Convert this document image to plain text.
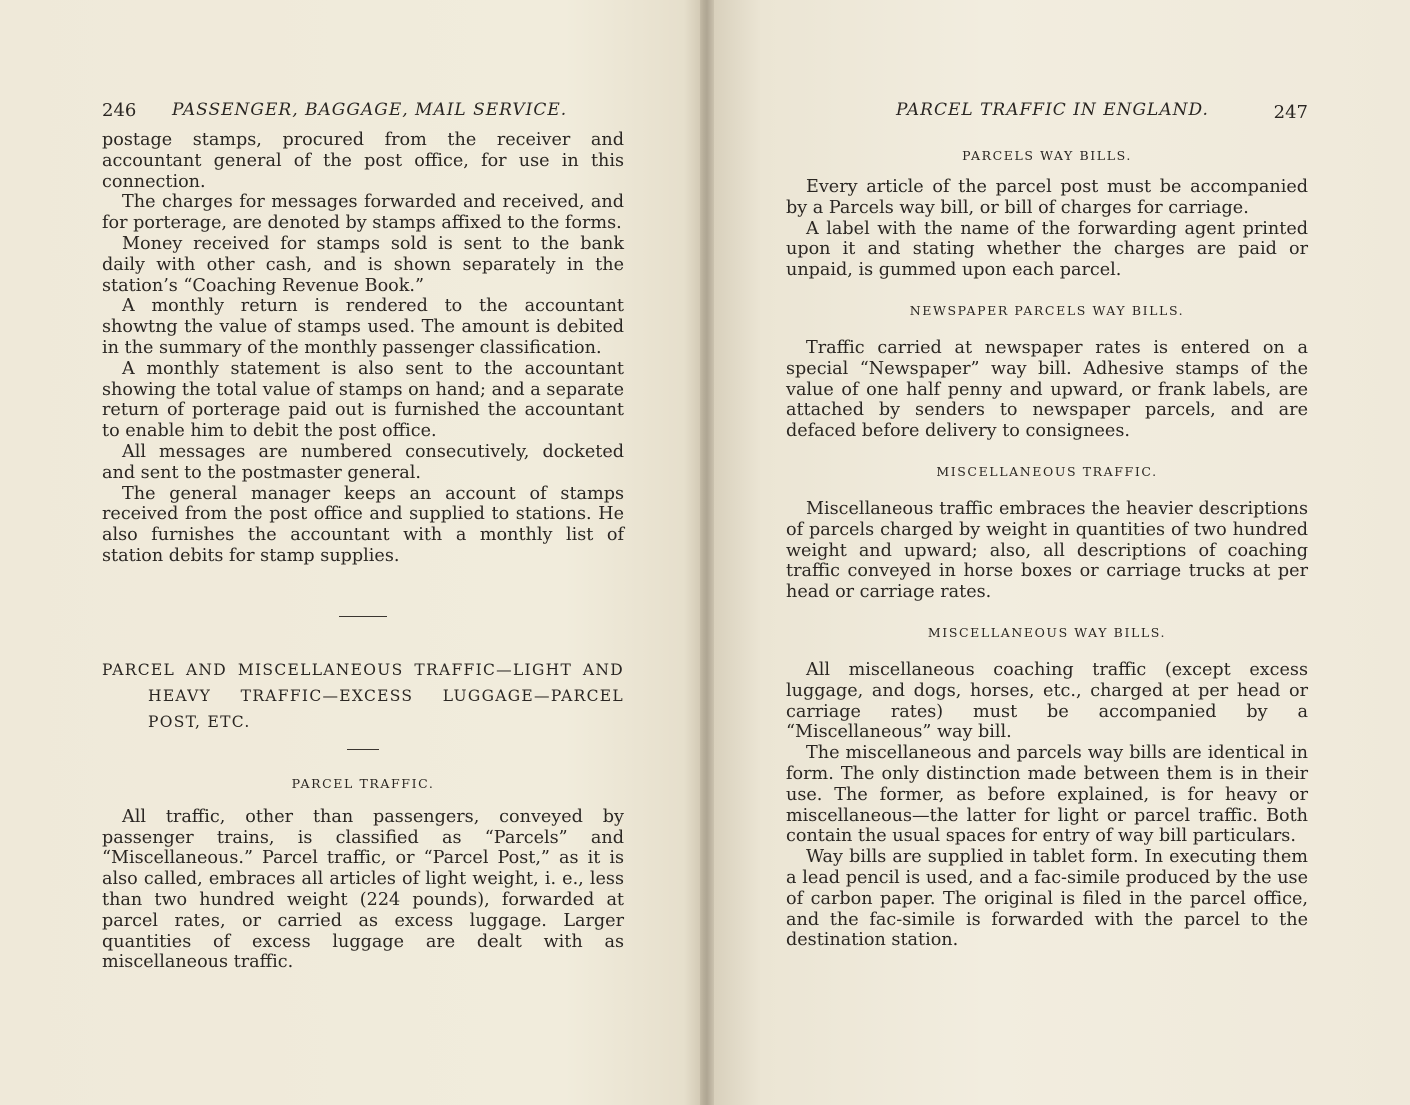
246 PASSENGER, BAGGAGE, MAIL SERVICE.

postage stamps, procured from the receiver and accountant general of the post office, for use in this connection.

The charges for messages forwarded and received, and for porterage, are denoted by stamps affixed to the forms.

Money received for stamps sold is sent to the bank daily with other cash, and is shown separately in the station’s “Coaching Revenue Book.”

A monthly return is rendered to the accountant showtng the value of stamps used. The amount is debited in the summary of the monthly passenger classification.

A monthly statement is also sent to the accountant showing the total value of stamps on hand; and a separate return of porterage paid out is furnished the accountant to enable him to debit the post office.

All messages are numbered consecutively, docketed and sent to the postmaster general.

The general manager keeps an account of stamps received from the post office and supplied to stations. He also furnishes the accountant with a monthly list of station debits for stamp supplies.

PARCEL AND MISCELLANEOUS TRAFFIC—LIGHT AND
HEAVY TRAFFIC—EXCESS LUGGAGE—PARCEL
POST, ETC.
PARCEL TRAFFIC.

All traffic, other than passengers, conveyed by passenger trains, is classified as “Parcels” and “Miscellaneous.” Parcel traffic, or “Parcel Post,” as it is also called, embraces all articles of light weight, i. e., less than two hundred weight (224 pounds), forwarded at parcel rates, or carried as excess luggage. Larger quantities of excess luggage are dealt with as miscellaneous traffic.

PARCEL TRAFFIC IN ENGLAND.	247
PARCELS WAY BILLS.

Every article of the parcel post must be accompanied by a Parcels way bill, or bill of charges for carriage.

A label with the name of the forwarding agent printed upon it and stating whether the charges are paid or unpaid, is gummed upon each parcel.

NEWSPAPER PARCELS WAY BILLS.

Traffic carried at newspaper rates is entered on a special “Newspaper” way bill. Adhesive stamps of the value of one half penny and upward, or frank labels, are attached by senders to newspaper parcels, and are defaced before delivery to consignees.

MISCELLANEOUS TRAFFIC.

Miscellaneous traffic embraces the heavier descriptions of parcels charged by weight in quantities of two hundred weight and upward; also, all descriptions of coaching traffic conveyed in horse boxes or carriage trucks at per head or carriage rates.

MISCELLANEOUS WAY BILLS.

All miscellaneous coaching traffic (except excess luggage, and dogs, horses, etc., charged at per head or carriage rates) must be accompanied by a “Miscellaneous” way bill.

The miscellaneous and parcels way bills are identical in form. The only distinction made between them is in their use. The former, as before explained, is for heavy or miscellaneous—the latter for light or parcel traffic. Both contain the usual spaces for entry of way bill particulars.

Way bills are supplied in tablet form. In executing them a lead pencil is used, and a fac-simile produced by the use of carbon paper. The original is filed in the parcel office, and the fac-simile is forwarded with the parcel to the destination station.
